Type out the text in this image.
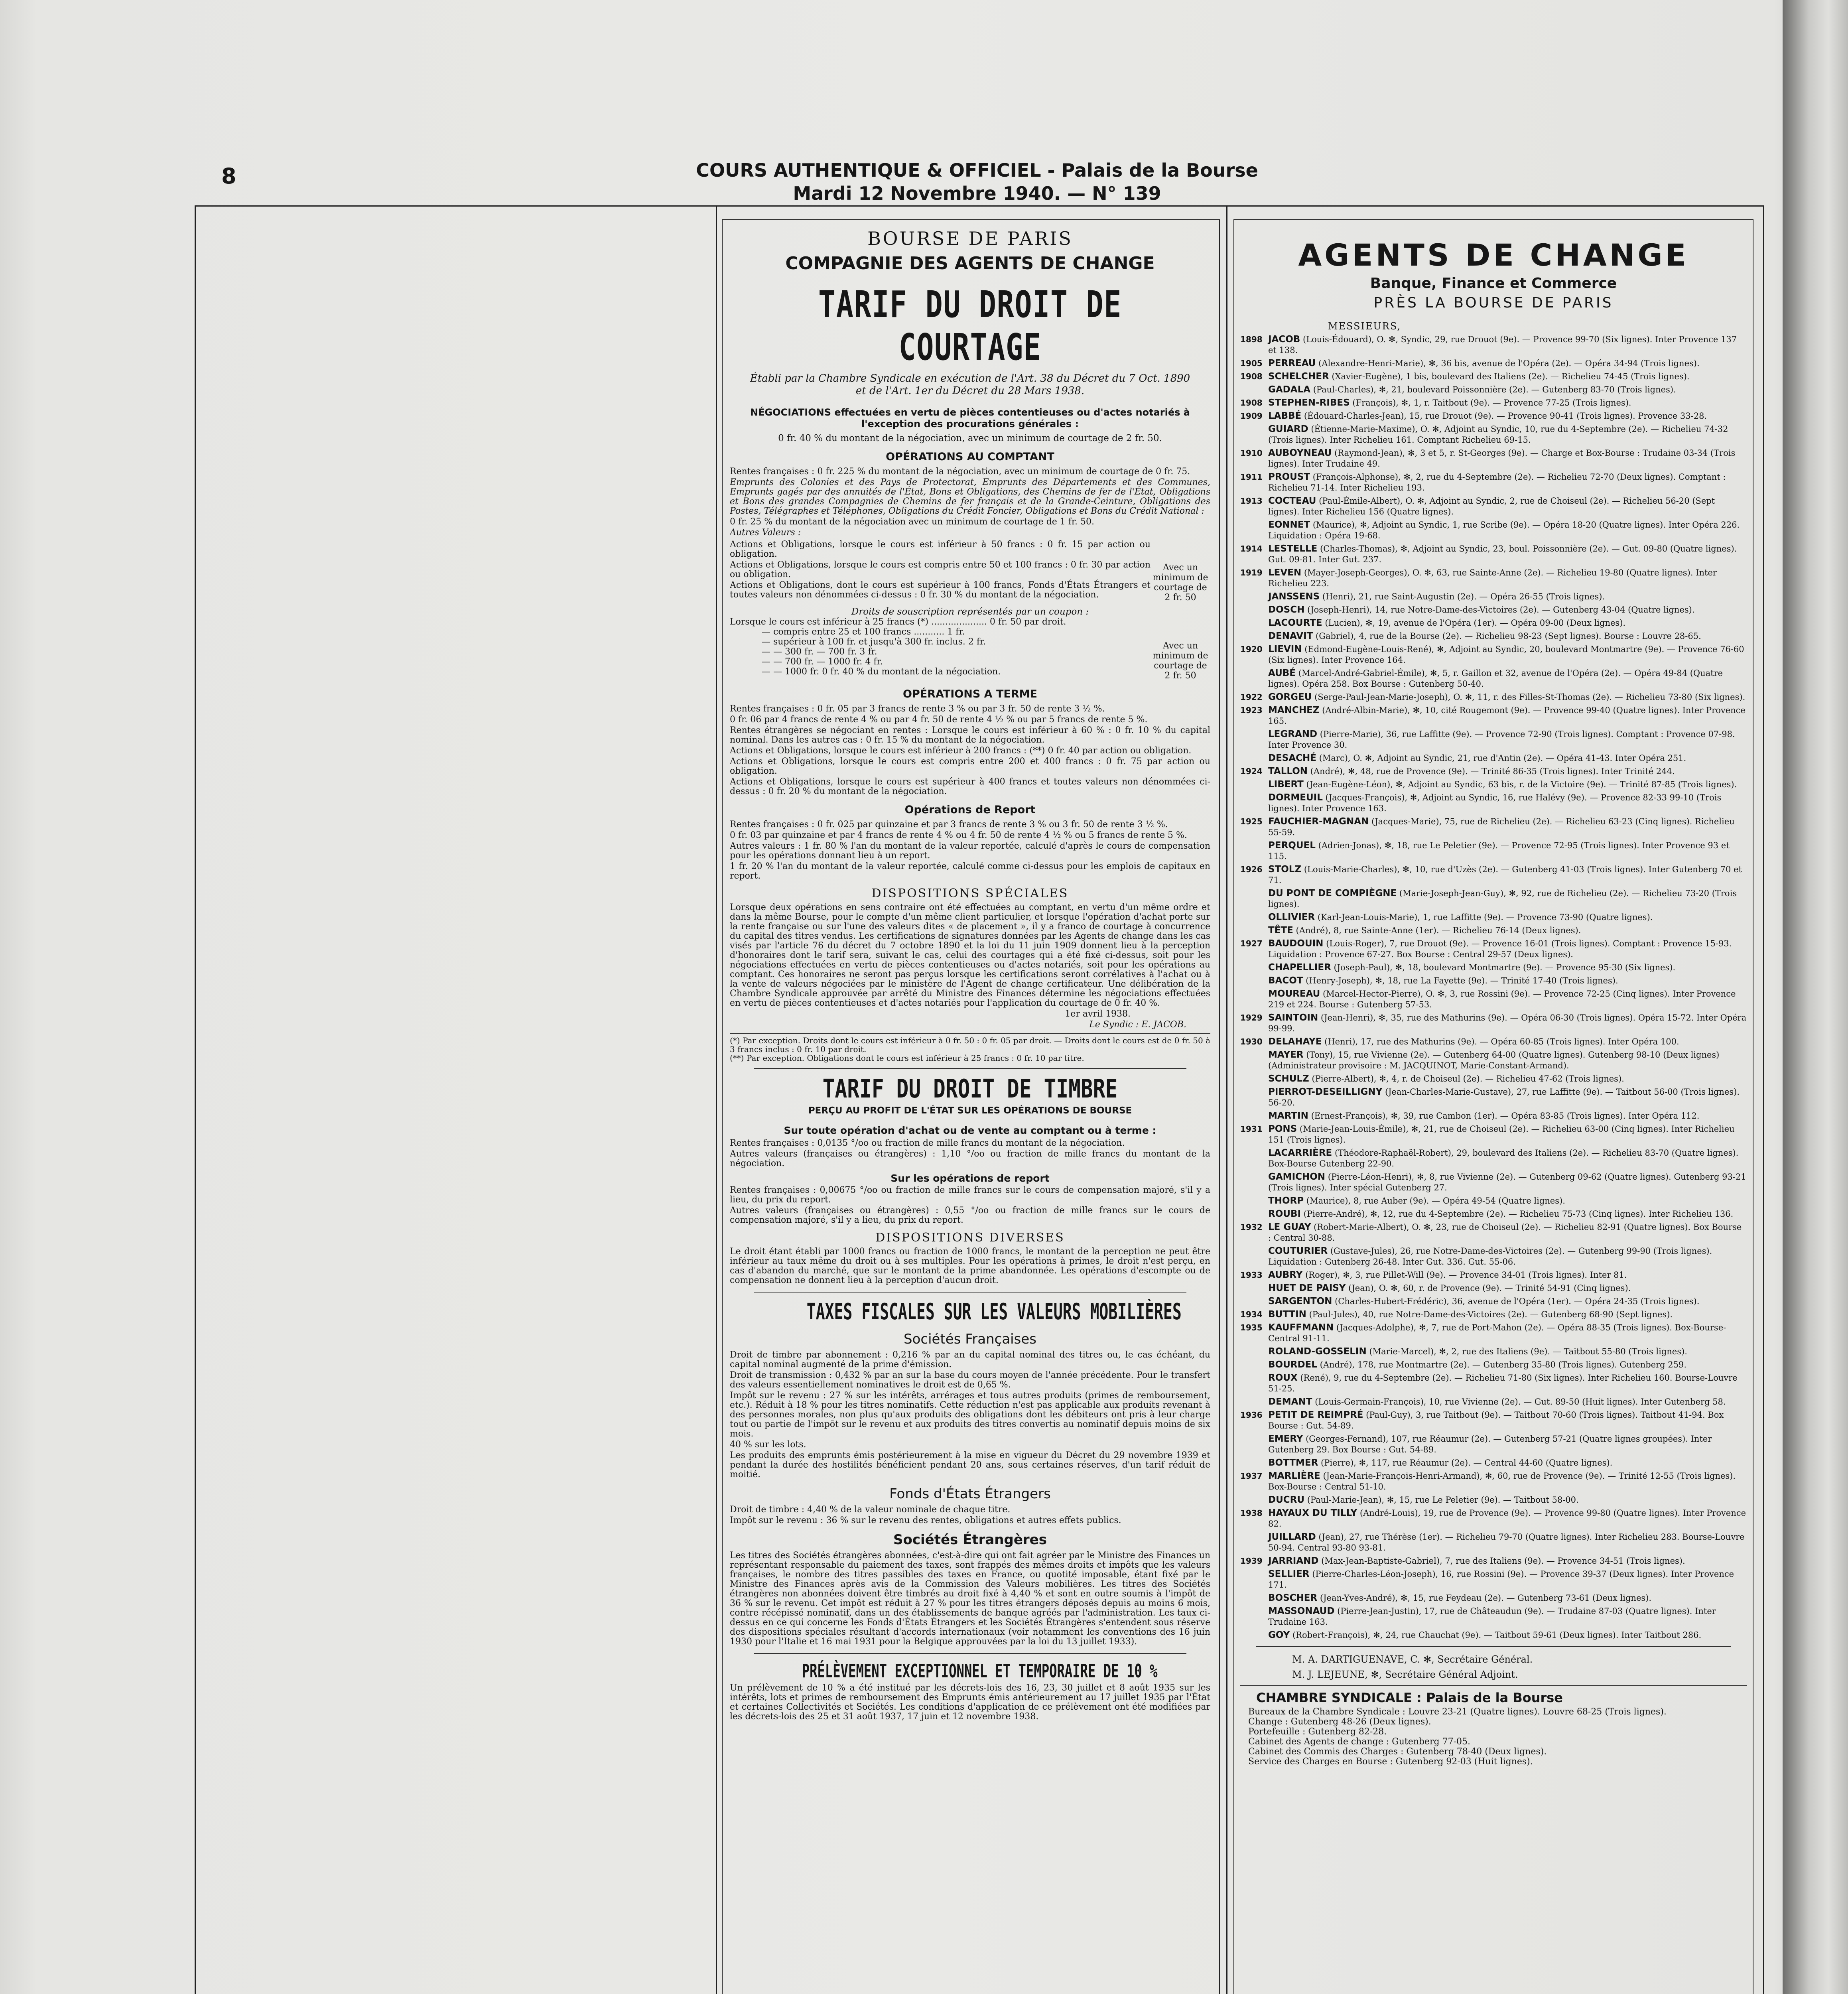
8	COURS AUTHENTIQUE & OFFICIEL - Palais de la Bourse
Mardi 12 Novembre 1940. — N° 139
BOURSE DE PARIS
COMPAGNIE DES AGENTS DE CHANGE
TARIF DU DROIT DE COURTAGE
Établi par la Chambre Syndicale en exécution de l'Art. 38 du Décret du 7 Oct. 1890
et de l'Art. 1er du Décret du 28 Mars 1938.
NÉGOCIATIONS effectuées en vertu de pièces contentieuses ou d'actes notariés à l'exception des procurations générales :
0 fr. 40 % du montant de la négociation, avec un minimum de courtage de 2 fr. 50.
OPÉRATIONS AU COMPTANT
Rentes françaises : 0 fr. 225 % du montant de la négociation, avec un minimum de courtage de 0 fr. 75.
Emprunts des Colonies et des Pays de Protectorat, Emprunts des Départements et des Communes, Emprunts gagés par des annuités de l'État, Bons et Obligations, des Chemins de fer de l'État, Obligations et Bons des grandes Compagnies de Chemins de fer français et de la Grande-Ceinture, Obligations des Postes, Télégraphes et Téléphones, Obligations du Crédit Foncier, Obligations et Bons du Crédit National :
0 fr. 25 % du montant de la négociation avec un minimum de courtage de 1 fr. 50.
Autres Valeurs :
Actions et Obligations, lorsque le cours est inférieur à 50 francs : 0 fr. 15 par action ou obligation.
Actions et Obligations, lorsque le cours est compris entre 50 et 100 francs : 0 fr. 30 par action ou obligation.
Actions et Obligations, dont le cours est supérieur à 100 francs, Fonds d'États Étrangers et toutes valeurs non dénommées ci-dessus : 0 fr. 30 % du montant de la négociation.
Avec un minimum de courtage de 2 fr. 50
Droits de souscription représentés par un coupon :
Lorsque le cours est inférieur à 25 francs (*) .................... 0 fr. 50 par droit.
— compris entre 25 et 100 francs ........... 1 fr.
— supérieur à 100 fr. et jusqu'à 300 fr. inclus. 2 fr.
— — 300 fr. — 700 fr. 3 fr.
— — 700 fr. — 1000 fr. 4 fr.
— — 1000 fr. 0 fr. 40 % du montant de la négociation.
Avec un minimum de courtage de 2 fr. 50
OPÉRATIONS A TERME
Rentes françaises : 0 fr. 05 par 3 francs de rente 3 % ou par 3 fr. 50 de rente 3 ½ %.
0 fr. 06 par 4 francs de rente 4 % ou par 4 fr. 50 de rente 4 ½ % ou par 5 francs de rente 5 %.
Rentes étrangères se négociant en rentes : Lorsque le cours est inférieur à 60 % : 0 fr. 10 % du capital nominal. Dans les autres cas : 0 fr. 15 % du montant de la négociation.
Actions et Obligations, lorsque le cours est inférieur à 200 francs : (**) 0 fr. 40 par action ou obligation.
Actions et Obligations, lorsque le cours est compris entre 200 et 400 francs : 0 fr. 75 par action ou obligation.
Actions et Obligations, lorsque le cours est supérieur à 400 francs et toutes valeurs non dénommées ci-dessus : 0 fr. 20 % du montant de la négociation.
Opérations de Report
Rentes françaises : 0 fr. 025 par quinzaine et par 3 francs de rente 3 % ou 3 fr. 50 de rente 3 ½ %.
0 fr. 03 par quinzaine et par 4 francs de rente 4 % ou 4 fr. 50 de rente 4 ½ % ou 5 francs de rente 5 %.
Autres valeurs : 1 fr. 80 % l'an du montant de la valeur reportée, calculé d'après le cours de compensation pour les opérations donnant lieu à un report.
1 fr. 20 % l'an du montant de la valeur reportée, calculé comme ci-dessus pour les emplois de capitaux en report.
DISPOSITIONS SPÉCIALES
Lorsque deux opérations en sens contraire ont été effectuées au comptant, en vertu d'un même ordre et dans la même Bourse, pour le compte d'un même client particulier, et lorsque l'opération d'achat porte sur la rente française ou sur l'une des valeurs dites « de placement », il y a franco de courtage à concurrence du capital des titres vendus. Les certifications de signatures données par les Agents de change dans les cas visés par l'article 76 du décret du 7 octobre 1890 et la loi du 11 juin 1909 donnent lieu à la perception d'honoraires dont le tarif sera, suivant le cas, celui des courtages qui a été fixé ci-dessus, soit pour les négociations effectuées en vertu de pièces contentieuses ou d'actes notariés, soit pour les opérations au comptant. Ces honoraires ne seront pas perçus lorsque les certifications seront corrélatives à l'achat ou à la vente de valeurs négociées par le ministère de l'Agent de change certificateur. Une délibération de la Chambre Syndicale approuvée par arrêté du Ministre des Finances détermine les négociations effectuées en vertu de pièces contentieuses et d'actes notariés pour l'application du courtage de 0 fr. 40 %.
1er avril 1938.
Le Syndic : E. JACOB.
(*) Par exception. Droits dont le cours est inférieur à 0 fr. 50 : 0 fr. 05 par droit. — Droits dont le cours est de 0 fr. 50 à 3 francs inclus : 0 fr. 10 par droit.
(**) Par exception. Obligations dont le cours est inférieur à 25 francs : 0 fr. 10 par titre.
TARIF DU DROIT DE TIMBRE
PERÇU AU PROFIT DE L'ÉTAT SUR LES OPÉRATIONS DE BOURSE
Sur toute opération d'achat ou de vente au comptant ou à terme :
Rentes françaises : 0,0135 °/oo ou fraction de mille francs du montant de la négociation.
Autres valeurs (françaises ou étrangères) : 1,10 °/oo ou fraction de mille francs du montant de la négociation.
Sur les opérations de report
Rentes françaises : 0,00675 °/oo ou fraction de mille francs sur le cours de compensation majoré, s'il y a lieu, du prix du report.
Autres valeurs (françaises ou étrangères) : 0,55 °/oo ou fraction de mille francs sur le cours de compensation majoré, s'il y a lieu, du prix du report.
DISPOSITIONS DIVERSES
Le droit étant établi par 1000 francs ou fraction de 1000 francs, le montant de la perception ne peut être inférieur au taux même du droit ou à ses multiples. Pour les opérations à primes, le droit n'est perçu, en cas d'abandon du marché, que sur le montant de la prime abandonnée. Les opérations d'escompte ou de compensation ne donnent lieu à la perception d'aucun droit.
TAXES FISCALES SUR LES VALEURS MOBILIÈRES
Sociétés Françaises
Droit de timbre par abonnement : 0,216 % par an du capital nominal des titres ou, le cas échéant, du capital nominal augmenté de la prime d'émission.
Droit de transmission : 0,432 % par an sur la base du cours moyen de l'année précédente. Pour le transfert des valeurs essentiellement nominatives le droit est de 0,65 %.
Impôt sur le revenu : 27 % sur les intérêts, arrérages et tous autres produits (primes de remboursement, etc.). Réduit à 18 % pour les titres nominatifs. Cette réduction n'est pas applicable aux produits revenant à des personnes morales, non plus qu'aux produits des obligations dont les débiteurs ont pris à leur charge tout ou partie de l'impôt sur le revenu et aux produits des titres convertis au nominatif depuis moins de six mois.
40 % sur les lots.
Les produits des emprunts émis postérieurement à la mise en vigueur du Décret du 29 novembre 1939 et pendant la durée des hostilités bénéficient pendant 20 ans, sous certaines réserves, d'un tarif réduit de moitié.
Fonds d'États Étrangers
Droit de timbre : 4,40 % de la valeur nominale de chaque titre.
Impôt sur le revenu : 36 % sur le revenu des rentes, obligations et autres effets publics.
Sociétés Étrangères
Les titres des Sociétés étrangères abonnées, c'est-à-dire qui ont fait agréer par le Ministre des Finances un représentant responsable du paiement des taxes, sont frappés des mêmes droits et impôts que les valeurs françaises, le nombre des titres passibles des taxes en France, ou quotité imposable, étant fixé par le Ministre des Finances après avis de la Commission des Valeurs mobilières. Les titres des Sociétés étrangères non abonnées doivent être timbrés au droit fixé à 4,40 % et sont en outre soumis à l'impôt de 36 % sur le revenu. Cet impôt est réduit à 27 % pour les titres étrangers déposés depuis au moins 6 mois, contre récépissé nominatif, dans un des établissements de banque agréés par l'administration. Les taux ci-dessus en ce qui concerne les Fonds d'États Étrangers et les Sociétés Étrangères s'entendent sous réserve des dispositions spéciales résultant d'accords internationaux (voir notamment les conventions des 16 juin 1930 pour l'Italie et 16 mai 1931 pour la Belgique approuvées par la loi du 13 juillet 1933).
PRÉLÈVEMENT EXCEPTIONNEL ET TEMPORAIRE DE 10 %
Un prélèvement de 10 % a été institué par les décrets-lois des 16, 23, 30 juillet et 8 août 1935 sur les intérêts, lots et primes de remboursement des Emprunts émis antérieurement au 17 juillet 1935 par l'État et certaines Collectivités et Sociétés. Les conditions d'application de ce prélèvement ont été modifiées par les décrets-lois des 25 et 31 août 1937, 17 juin et 12 novembre 1938.
AGENTS DE CHANGE
Banque, Finance et Commerce
PRÈS LA BOURSE DE PARIS
MESSIEURS,
1898 JACOB (Louis-Édouard), O. ✻, Syndic, 29, rue Drouot (9e). — Provence 99-70 (Six lignes). Inter Provence 137 et 138.
1905 PERREAU (Alexandre-Henri-Marie), ✻, 36 bis, avenue de l'Opéra (2e). — Opéra 34-94 (Trois lignes).
1908 SCHELCHER (Xavier-Eugène), 1 bis, boulevard des Italiens (2e). — Richelieu 74-45 (Trois lignes).
GADALA (Paul-Charles), ✻, 21, boulevard Poissonnière (2e). — Gutenberg 83-70 (Trois lignes).
1908 STEPHEN-RIBES (François), ✻, 1, r. Taitbout (9e). — Provence 77-25 (Trois lignes).
1909 LABBÉ (Édouard-Charles-Jean), 15, rue Drouot (9e). — Provence 90-41 (Trois lignes). Provence 33-28.
GUIARD (Étienne-Marie-Maxime), O. ✻, Adjoint au Syndic, 10, rue du 4-Septembre (2e). — Richelieu 74-32 (Trois lignes). Inter Richelieu 161. Comptant Richelieu 69-15.
1910 AUBOYNEAU (Raymond-Jean), ✻, 3 et 5, r. St-Georges (9e). — Charge et Box-Bourse : Trudaine 03-34 (Trois lignes). Inter Trudaine 49.
1911 PROUST (François-Alphonse), ✻, 2, rue du 4-Septembre (2e). — Richelieu 72-70 (Deux lignes). Comptant : Richelieu 71-14. Inter Richelieu 193.
1913 COCTEAU (Paul-Émile-Albert), O. ✻, Adjoint au Syndic, 2, rue de Choiseul (2e). — Richelieu 56-20 (Sept lignes). Inter Richelieu 156 (Quatre lignes).
EONNET (Maurice), ✻, Adjoint au Syndic, 1, rue Scribe (9e). — Opéra 18-20 (Quatre lignes). Inter Opéra 226. Liquidation : Opéra 19-68.
1914 LESTELLE (Charles-Thomas), ✻, Adjoint au Syndic, 23, boul. Poissonnière (2e). — Gut. 09-80 (Quatre lignes). Gut. 09-81. Inter Gut. 237.
1919 LEVEN (Mayer-Joseph-Georges), O. ✻, 63, rue Sainte-Anne (2e). — Richelieu 19-80 (Quatre lignes). Inter Richelieu 223.
JANSSENS (Henri), 21, rue Saint-Augustin (2e). — Opéra 26-55 (Trois lignes).
DOSCH (Joseph-Henri), 14, rue Notre-Dame-des-Victoires (2e). — Gutenberg 43-04 (Quatre lignes).
LACOURTE (Lucien), ✻, 19, avenue de l'Opéra (1er). — Opéra 09-00 (Deux lignes).
DENAVIT (Gabriel), 4, rue de la Bourse (2e). — Richelieu 98-23 (Sept lignes). Bourse : Louvre 28-65.
1920 LIEVIN (Edmond-Eugène-Louis-René), ✻, Adjoint au Syndic, 20, boulevard Montmartre (9e). — Provence 76-60 (Six lignes). Inter Provence 164.
AUBÉ (Marcel-André-Gabriel-Émile), ✻, 5, r. Gaillon et 32, avenue de l'Opéra (2e). — Opéra 49-84 (Quatre lignes). Opéra 258. Box Bourse : Gutenberg 50-40.
1922 GORGEU (Serge-Paul-Jean-Marie-Joseph), O. ✻, 11, r. des Filles-St-Thomas (2e). — Richelieu 73-80 (Six lignes).
1923 MANCHEZ (André-Albin-Marie), ✻, 10, cité Rougemont (9e). — Provence 99-40 (Quatre lignes). Inter Provence 165.
LEGRAND (Pierre-Marie), 36, rue Laffitte (9e). — Provence 72-90 (Trois lignes). Comptant : Provence 07-98. Inter Provence 30.
DESACHÉ (Marc), O. ✻, Adjoint au Syndic, 21, rue d'Antin (2e). — Opéra 41-43. Inter Opéra 251.
1924 TALLON (André), ✻, 48, rue de Provence (9e). — Trinité 86-35 (Trois lignes). Inter Trinité 244.
LIBERT (Jean-Eugène-Léon), ✻, Adjoint au Syndic, 63 bis, r. de la Victoire (9e). — Trinité 87-85 (Trois lignes).
DORMEUIL (Jacques-François), ✻, Adjoint au Syndic, 16, rue Halévy (9e). — Provence 82-33 99-10 (Trois lignes). Inter Provence 163.
1925 FAUCHIER-MAGNAN (Jacques-Marie), 75, rue de Richelieu (2e). — Richelieu 63-23 (Cinq lignes). Richelieu 55-59.
PERQUEL (Adrien-Jonas), ✻, 18, rue Le Peletier (9e). — Provence 72-95 (Trois lignes). Inter Provence 93 et 115.
1926 STOLZ (Louis-Marie-Charles), ✻, 10, rue d'Uzès (2e). — Gutenberg 41-03 (Trois lignes). Inter Gutenberg 70 et 71.
DU PONT DE COMPIÈGNE (Marie-Joseph-Jean-Guy), ✻, 92, rue de Richelieu (2e). — Richelieu 73-20 (Trois lignes).
OLLIVIER (Karl-Jean-Louis-Marie), 1, rue Laffitte (9e). — Provence 73-90 (Quatre lignes).
TÊTE (André), 8, rue Sainte-Anne (1er). — Richelieu 76-14 (Deux lignes).
1927 BAUDOUIN (Louis-Roger), 7, rue Drouot (9e). — Provence 16-01 (Trois lignes). Comptant : Provence 15-93. Liquidation : Provence 67-27. Box Bourse : Central 29-57 (Deux lignes).
CHAPELLIER (Joseph-Paul), ✻, 18, boulevard Montmartre (9e). — Provence 95-30 (Six lignes).
BACOT (Henry-Joseph), ✻, 18, rue La Fayette (9e). — Trinité 17-40 (Trois lignes).
MOUREAU (Marcel-Hector-Pierre), O. ✻, 3, rue Rossini (9e). — Provence 72-25 (Cinq lignes). Inter Provence 219 et 224. Bourse : Gutenberg 57-53.
1929 SAINTOIN (Jean-Henri), ✻, 35, rue des Mathurins (9e). — Opéra 06-30 (Trois lignes). Opéra 15-72. Inter Opéra 99-99.
1930 DELAHAYE (Henri), 17, rue des Mathurins (9e). — Opéra 60-85 (Trois lignes). Inter Opéra 100.
MAYER (Tony), 15, rue Vivienne (2e). — Gutenberg 64-00 (Quatre lignes). Gutenberg 98-10 (Deux lignes) (Administrateur provisoire : M. JACQUINOT, Marie-Constant-Armand).
SCHULZ (Pierre-Albert), ✻, 4, r. de Choiseul (2e). — Richelieu 47-62 (Trois lignes).
PIERROT-DESEILLIGNY (Jean-Charles-Marie-Gustave), 27, rue Laffitte (9e). — Taitbout 56-00 (Trois lignes). 56-20.
MARTIN (Ernest-François), ✻, 39, rue Cambon (1er). — Opéra 83-85 (Trois lignes). Inter Opéra 112.
1931 PONS (Marie-Jean-Louis-Émile), ✻, 21, rue de Choiseul (2e). — Richelieu 63-00 (Cinq lignes). Inter Richelieu 151 (Trois lignes).
LACARRIÈRE (Théodore-Raphaël-Robert), 29, boulevard des Italiens (2e). — Richelieu 83-70 (Quatre lignes). Box-Bourse Gutenberg 22-90.
GAMICHON (Pierre-Léon-Henri), ✻, 8, rue Vivienne (2e). — Gutenberg 09-62 (Quatre lignes). Gutenberg 93-21 (Trois lignes). Inter spécial Gutenberg 27.
THORP (Maurice), 8, rue Auber (9e). — Opéra 49-54 (Quatre lignes).
ROUBI (Pierre-André), ✻, 12, rue du 4-Septembre (2e). — Richelieu 75-73 (Cinq lignes). Inter Richelieu 136.
1932 LE GUAY (Robert-Marie-Albert), O. ✻, 23, rue de Choiseul (2e). — Richelieu 82-91 (Quatre lignes). Box Bourse : Central 30-88.
COUTURIER (Gustave-Jules), 26, rue Notre-Dame-des-Victoires (2e). — Gutenberg 99-90 (Trois lignes). Liquidation : Gutenberg 26-48. Inter Gut. 336. Gut. 55-06.
1933 AUBRY (Roger), ✻, 3, rue Pillet-Will (9e). — Provence 34-01 (Trois lignes). Inter 81.
HUET DE PAISY (Jean), O. ✻, 60, r. de Provence (9e). — Trinité 54-91 (Cinq lignes).
SARGENTON (Charles-Hubert-Frédéric), 36, avenue de l'Opéra (1er). — Opéra 24-35 (Trois lignes).
1934 BUTTIN (Paul-Jules), 40, rue Notre-Dame-des-Victoires (2e). — Gutenberg 68-90 (Sept lignes).
1935 KAUFFMANN (Jacques-Adolphe), ✻, 7, rue de Port-Mahon (2e). — Opéra 88-35 (Trois lignes). Box-Bourse-Central 91-11.
ROLAND-GOSSELIN (Marie-Marcel), ✻, 2, rue des Italiens (9e). — Taitbout 55-80 (Trois lignes).
BOURDEL (André), 178, rue Montmartre (2e). — Gutenberg 35-80 (Trois lignes). Gutenberg 259.
ROUX (René), 9, rue du 4-Septembre (2e). — Richelieu 71-80 (Six lignes). Inter Richelieu 160. Bourse-Louvre 51-25.
DEMANT (Louis-Germain-François), 10, rue Vivienne (2e). — Gut. 89-50 (Huit lignes). Inter Gutenberg 58.
1936 PETIT DE REIMPRÉ (Paul-Guy), 3, rue Taitbout (9e). — Taitbout 70-60 (Trois lignes). Taitbout 41-94. Box Bourse : Gut. 54-89.
EMERY (Georges-Fernand), 107, rue Réaumur (2e). — Gutenberg 57-21 (Quatre lignes groupées). Inter Gutenberg 29. Box Bourse : Gut. 54-89.
BOTTMER (Pierre), ✻, 117, rue Réaumur (2e). — Central 44-60 (Quatre lignes).
1937 MARLIÈRE (Jean-Marie-François-Henri-Armand), ✻, 60, rue de Provence (9e). — Trinité 12-55 (Trois lignes). Box-Bourse : Central 51-10.
DUCRU (Paul-Marie-Jean), ✻, 15, rue Le Peletier (9e). — Taitbout 58-00.
1938 HAYAUX DU TILLY (André-Louis), 19, rue de Provence (9e). — Provence 99-80 (Quatre lignes). Inter Provence 82.
JUILLARD (Jean), 27, rue Thérèse (1er). — Richelieu 79-70 (Quatre lignes). Inter Richelieu 283. Bourse-Louvre 50-94. Central 93-80 93-81.
1939 JARRIAND (Max-Jean-Baptiste-Gabriel), 7, rue des Italiens (9e). — Provence 34-51 (Trois lignes).
SELLIER (Pierre-Charles-Léon-Joseph), 16, rue Rossini (9e). — Provence 39-37 (Deux lignes). Inter Provence 171.
BOSCHER (Jean-Yves-André), ✻, 15, rue Feydeau (2e). — Gutenberg 73-61 (Deux lignes).
MASSONAUD (Pierre-Jean-Justin), 17, rue de Châteaudun (9e). — Trudaine 87-03 (Quatre lignes). Inter Trudaine 163.
GOY (Robert-François), ✻, 24, rue Chauchat (9e). — Taitbout 59-61 (Deux lignes). Inter Taitbout 286.
M. A. DARTIGUENAVE, C. ✻, Secrétaire Général.
M. J. LEJEUNE, ✻, Secrétaire Général Adjoint.
CHAMBRE SYNDICALE : Palais de la Bourse
Bureaux de la Chambre Syndicale : Louvre 23-21 (Quatre lignes). Louvre 68-25 (Trois lignes).
Change : Gutenberg 48-26 (Deux lignes).
Portefeuille : Gutenberg 82-28.
Cabinet des Agents de change : Gutenberg 77-05.
Cabinet des Commis des Charges : Gutenberg 78-40 (Deux lignes).
Service des Charges en Bourse : Gutenberg 92-03 (Huit lignes).
